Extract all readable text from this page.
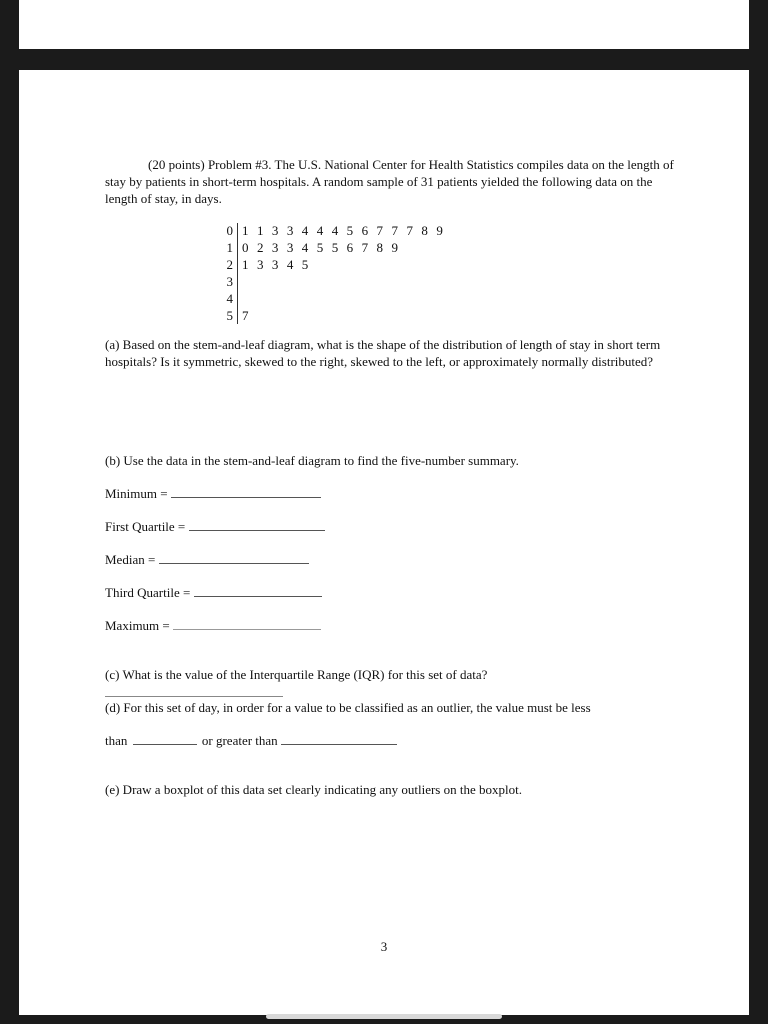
(20 points) Problem #3. The U.S. National Center for Health Statistics compiles data on the length of stay by patients in short-term hospitals. A random sample of 31 patients yielded the following data on the length of stay, in days.

0 1 1 3 3 4 4 4 5 6 7 7 7 8 9
1 0 2 3 3 4 5 5 6 7 8 9
2 1 3 3 4 5
3
4
5 7
(a) Based on the stem-and-leaf diagram, what is the shape of the distribution of length of stay in short term hospitals? Is it symmetric, skewed to the right, skewed to the left, or approximately normally distributed?
(b) Use the data in the stem-and-leaf diagram to find the five-number summary.
Minimum =
First Quartile =
Median =
Third Quartile =
Maximum =
(c) What is the value of the Interquartile Range (IQR) for this set of data?
(d) For this set of day, in order for a value to be classified as an outlier, the value must be less
than	or greater than
(e) Draw a boxplot of this data set clearly indicating any outliers on the boxplot.
3
